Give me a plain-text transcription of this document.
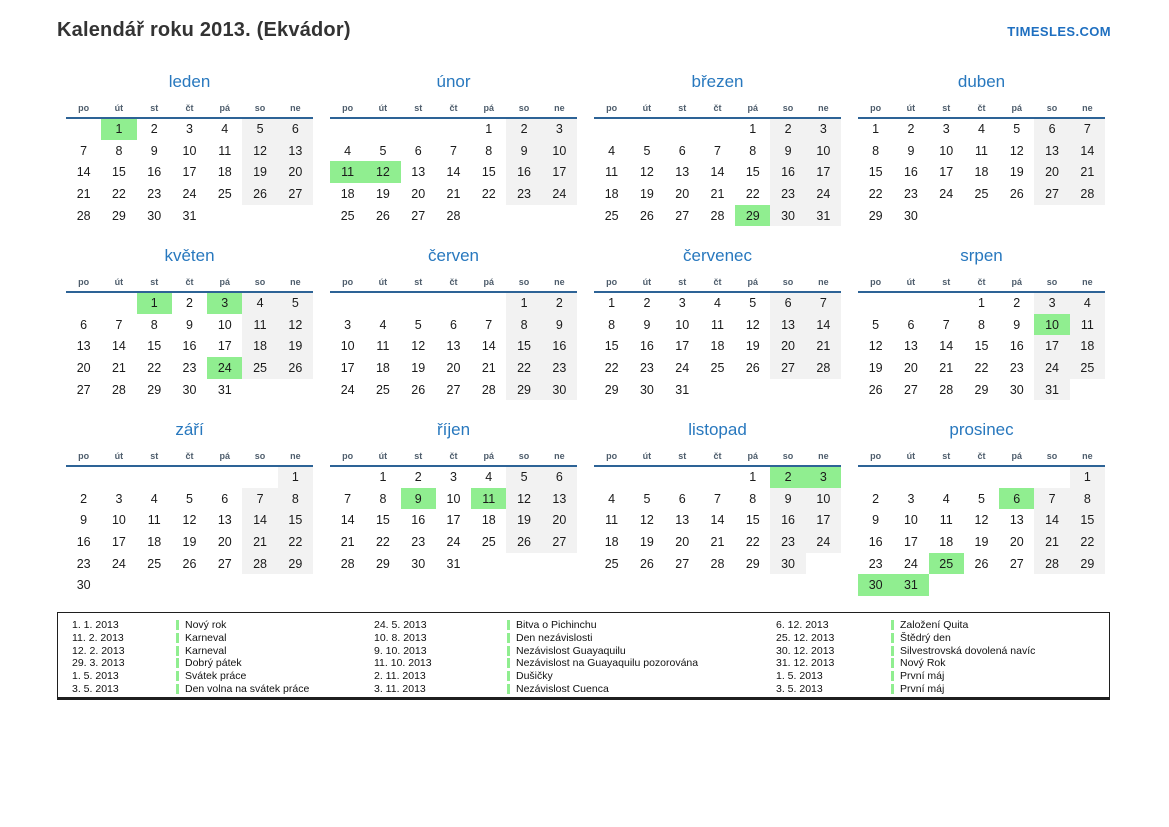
Kalendář roku 2013. (Ekvádor)	TIMESLES.COM
leden
po	út	st	čt	pá	so	ne
	1	2	3	4	5	6
7	8	9	10	11	12	13
14	15	16	17	18	19	20
21	22	23	24	25	26	27
28	29	30	31			
únor
po	út	st	čt	pá	so	ne
				1	2	3
4	5	6	7	8	9	10
11	12	13	14	15	16	17
18	19	20	21	22	23	24
25	26	27	28			
březen
po	út	st	čt	pá	so	ne
				1	2	3
4	5	6	7	8	9	10
11	12	13	14	15	16	17
18	19	20	21	22	23	24
25	26	27	28	29	30	31
duben
po	út	st	čt	pá	so	ne
1	2	3	4	5	6	7
8	9	10	11	12	13	14
15	16	17	18	19	20	21
22	23	24	25	26	27	28
29	30					
květen
po	út	st	čt	pá	so	ne
		1	2	3	4	5
6	7	8	9	10	11	12
13	14	15	16	17	18	19
20	21	22	23	24	25	26
27	28	29	30	31		
červen
po	út	st	čt	pá	so	ne
					1	2
3	4	5	6	7	8	9
10	11	12	13	14	15	16
17	18	19	20	21	22	23
24	25	26	27	28	29	30
červenec
po	út	st	čt	pá	so	ne
1	2	3	4	5	6	7
8	9	10	11	12	13	14
15	16	17	18	19	20	21
22	23	24	25	26	27	28
29	30	31				
srpen
po	út	st	čt	pá	so	ne
			1	2	3	4
5	6	7	8	9	10	11
12	13	14	15	16	17	18
19	20	21	22	23	24	25
26	27	28	29	30	31	
září
po	út	st	čt	pá	so	ne
						1
2	3	4	5	6	7	8
9	10	11	12	13	14	15
16	17	18	19	20	21	22
23	24	25	26	27	28	29
30						
říjen
po	út	st	čt	pá	so	ne
	1	2	3	4	5	6
7	8	9	10	11	12	13
14	15	16	17	18	19	20
21	22	23	24	25	26	27
28	29	30	31			
listopad
po	út	st	čt	pá	so	ne
				1	2	3
4	5	6	7	8	9	10
11	12	13	14	15	16	17
18	19	20	21	22	23	24
25	26	27	28	29	30	
prosinec
po	út	st	čt	pá	so	ne
						1
2	3	4	5	6	7	8
9	10	11	12	13	14	15
16	17	18	19	20	21	22
23	24	25	26	27	28	29
30	31					
1. 1. 2013	Nový rok
11. 2. 2013	Karneval
12. 2. 2013	Karneval
29. 3. 2013	Dobrý pátek
1. 5. 2013	Svátek práce
3. 5. 2013	Den volna na svátek práce
24. 5. 2013	Bitva o Pichinchu
10. 8. 2013	Den nezávislosti
9. 10. 2013	Nezávislost Guayaquilu
11. 10. 2013	Nezávislost na Guayaquilu pozorována
2. 11. 2013	Dušičky
3. 11. 2013	Nezávislost Cuenca
6. 12. 2013	Založení Quita
25. 12. 2013	Štědrý den
30. 12. 2013	Silvestrovská dovolená navíc
31. 12. 2013	Nový Rok
1. 5. 2013	První máj
3. 5. 2013	První máj
